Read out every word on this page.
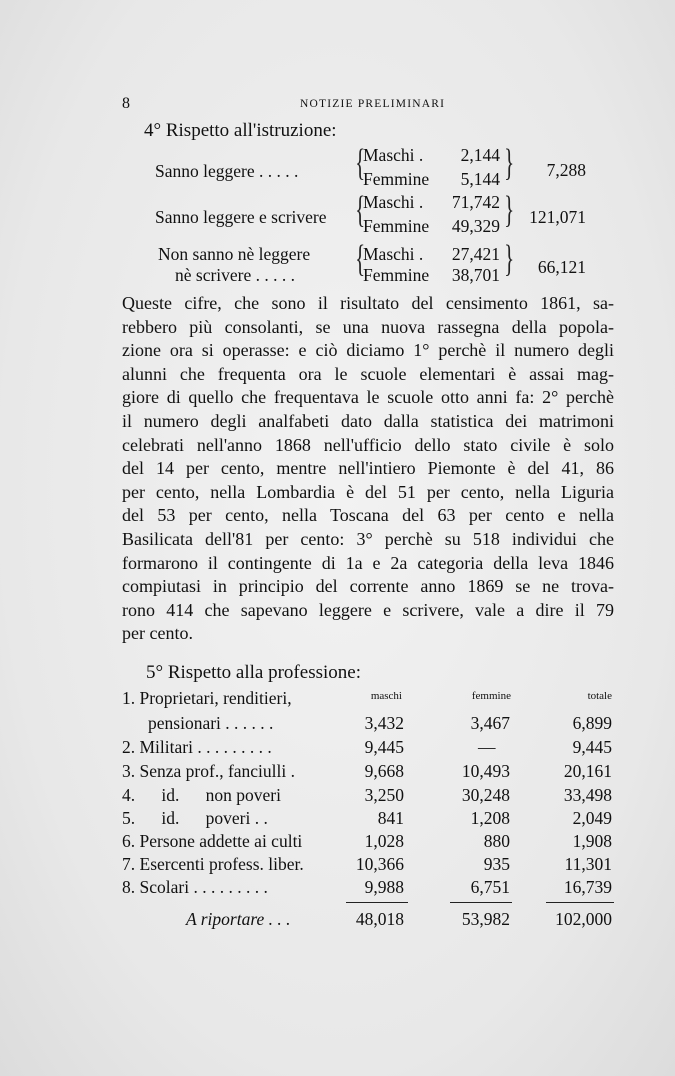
8	NOTIZIE PRELIMINARI
4° Rispetto all'istruzione:
Sanno leggere . . . . . {
Maschi .	2,144
Femmine	5,144 }	7,288
Sanno leggere e scrivere {
Maschi .	71,742
Femmine	49,329 } 121,071
Non sanno nè leggere
nè scrivere . . . . . {
Maschi .	27,421
Femmine	38,701 }	66,121
Queste cifre, che sono il risultato del censimento 1861, sa-
rebbero più consolanti, se una nuova rassegna della popola-
zione ora si operasse: e ciò diciamo 1° perchè il numero degli
alunni che frequenta ora le scuole elementari è assai mag-
giore di quello che frequentava le scuole otto anni fa: 2° perchè
il numero degli analfabeti dato dalla statistica dei matrimoni
celebrati nell'anno 1868 nell'ufficio dello stato civile è solo
del 14 per cento, mentre nell'intiero Piemonte è del 41, 86
per cento, nella Lombardia è del 51 per cento, nella Liguria
del 53 per cento, nella Toscana del 63 per cento e nella
Basilicata dell'81 per cento: 3° perchè su 518 individui che
formarono il contingente di 1a e 2a categoria della leva 1846
compiutasi in principio del corrente anno 1869 se ne trova-
rono 414 che sapevano leggere e scrivere, vale a dire il 79
per cento.
5° Rispetto alla professione:
maschi	femmine	totale
1. Proprietari, renditieri,
pensionari . . . . . .	3,432	3,467	6,899
2. Militari . . . . . . . . .	9,445	—	9,445
3. Senza prof., fanciulli .	9,668	10,493	20,161
4.      id.      non poveri	3,250	30,248	33,498
5.      id.      poveri . .	841	1,208	2,049
6. Persone addette ai culti	1,028	880	1,908
7. Esercenti profess. liber.	10,366	935	11,301
8. Scolari . . . . . . . . .	9,988	6,751	16,739
A riportare . . .	48,018	53,982	102,000
